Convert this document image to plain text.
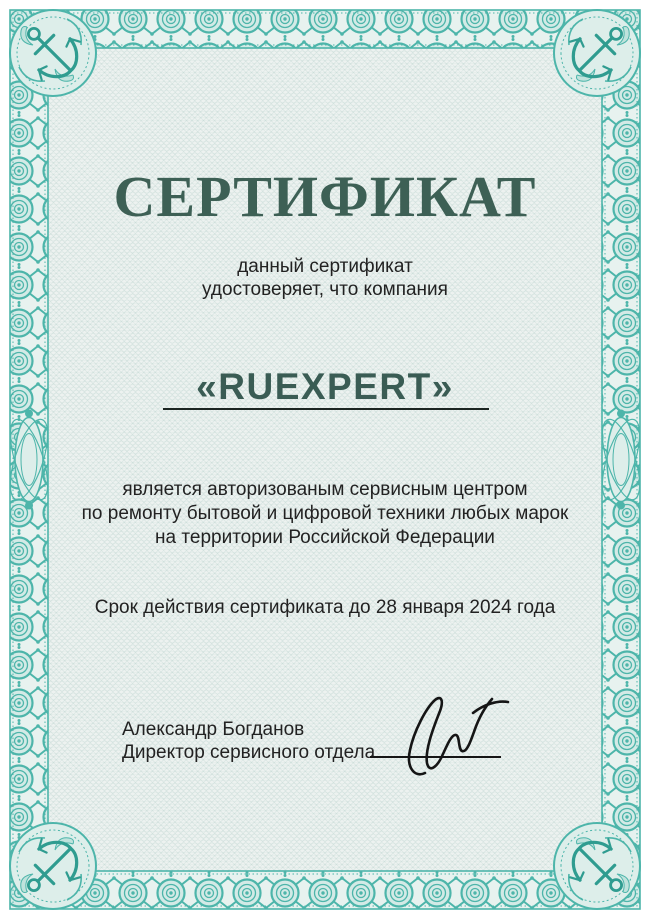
СЕРТИФИКАТ
данный сертификат
удостоверяет, что компания
«RUEXPERT»
является авторизованым сервисным центром
по ремонту бытовой и цифровой техники любых марок
на территории Российской Федерации
Срок действия сертификата до 28 января 2024 года
Александр Богданов
Директор сервисного отдела
